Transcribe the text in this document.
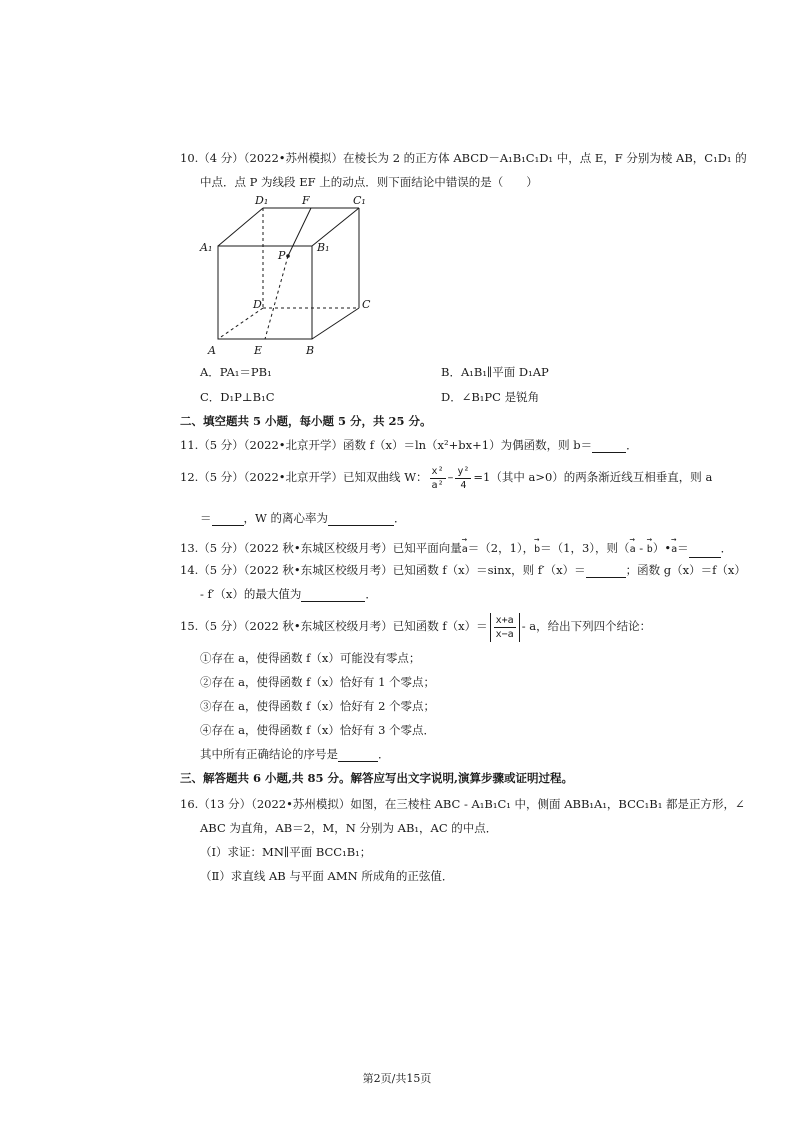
10.（4 分）（2022•苏州模拟）在棱长为 2 的正方体 ABCD－A₁B₁C₁D₁ 中，点 E，F 分别为棱 AB，C₁D₁ 的
中点．点 P 为线段 EF 上的动点．则下面结论中错误的是（　　）
D₁	F	C₁
A₁	B₁
P
D	C
A	E	B
A．PA₁＝PB₁	B．A₁B₁∥平面 D₁AP
C．D₁P⊥B₁C	D．∠B₁PC 是锐角
二、填空题共 5 小题，每小题 5 分，共 25 分。
11.（5 分）（2022•北京开学）函数 f（x）＝ln（x²+bx+1）为偶函数，则 b＝	．
12.（5 分）（2022•北京开学）已知双曲线 W： $\frac{\text{x²}}{\text{a²}} - \frac{\text{y²}}{4} =1$（其中 a>0）的两条渐近线互相垂直，则 a
＝	，W 的离心率为	．
13.（5 分）（2022 秋•东城区校级月考）已知平面向量→ a＝（2，1），→ b＝（1，3），则（→ a - → b）•→ a＝	．
14.（5 分）（2022 秋•东城区校级月考）已知函数 f（x）＝sinx，则 f′（x）＝	；函数 g（x）＝f（x）
- f′（x）的最大值为	．
15.（5 分）（2022 秋•东城区校级月考）已知函数 $f(x)= \frac{x+a}{x-a} - a$，给出下列四个结论：
①存在 a，使得函数 f（x）可能没有零点；
②存在 a，使得函数 f（x）恰好有 1 个零点；
③存在 a，使得函数 f（x）恰好有 2 个零点；
④存在 a，使得函数 f（x）恰好有 3 个零点．
其中所有正确结论的序号是	．
三、解答题共 6 小题,共 85 分。解答应写出文字说明,演算步骤或证明过程。
16.（13 分）（2022•苏州模拟）如图，在三棱柱 ABC - A₁B₁C₁ 中，侧面 ABB₁A₁，BCC₁B₁ 都是正方形，∠
ABC 为直角，AB＝2，M，N 分别为 AB₁，AC 的中点．
（Ⅰ）求证：MN∥平面 BCC₁B₁；
（Ⅱ）求直线 AB 与平面 AMN 所成角的正弦值．
第2页/共15页
